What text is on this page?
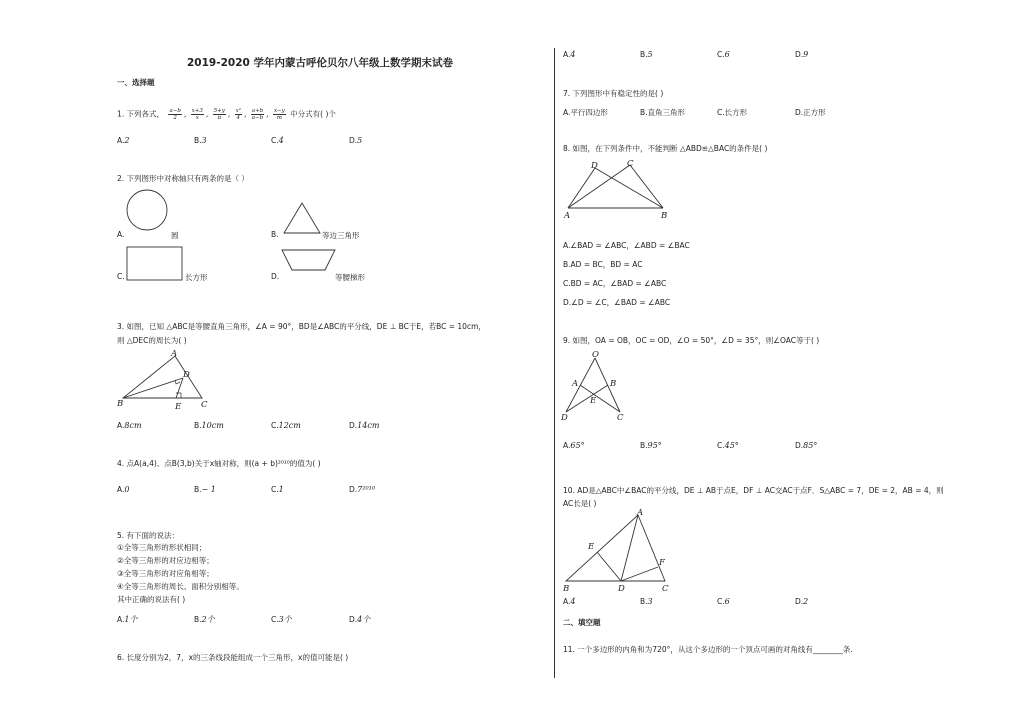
2019-2020 学年内蒙古呼伦贝尔八年级上数学期末试卷
一、选择题
1. 下列各式， $\frac{a-b}{2}$ , $\frac{x+3}{x}$ , $\frac{5+y}{\pi}$ , $\frac{\text{x²}}{4}$ , $\frac{a+b}{a-b}$ , $\frac{x-y}{m}$ 中分式有( )个
A.2	B.3	C.4	D.5
2. 下列图形中对称轴只有两条的是（ ）
A.	圆	B.	等边三角形
C.	长方形	D.	等腰梯形
3. 如图，已知 △ABC是等腰直角三角形，∠A = 90°，BD是∠ABC的平分线，DE ⊥ BC于E，若BC = 10cm，
则 △DEC的周长为( )
A
B	C
D
E
A.8cm	B.10cm	C.12cm	D.14cm
4. 点A(a,4)、点B(3,b)关于x轴对称，则(a + b)²⁰¹⁰的值为( )
A.0	B.− 1	C.1	D.7²⁰¹⁰
5. 有下面的说法：
①全等三角形的形状相同；
②全等三角形的对应边相等；
③全等三角形的对应角相等；
④全等三角形的周长、面积分别相等。
其中正确的说法有( )
A.1个	B.2个	C.3个	D.4个
6. 长度分别为2，7，x的三条线段能组成一个三角形，x的值可能是( )
A.4	B.5	C.6	D.9
7. 下列图形中有稳定性的是( )
A.平行四边形	B.直角三角形	C.长方形	D.正方形
8. 如图，在下列条件中，不能判断 △ABD≌△BAC的条件是( )
A	B
D	C
A.∠BAD = ∠ABC，∠ABD = ∠BAC
B.AD = BC，BD = AC
C.BD = AC，∠BAD = ∠ABC
D.∠D = ∠C，∠BAD = ∠ABC
9. 如图，OA = OB，OC = OD，∠O = 50°，∠D = 35°，则∠OAC等于( )
O
A	B
E
D	C
A.65°	B.95°	C.45°	D.85°
10. AD是△ABC中∠BAC的平分线，DE ⊥ AB于点E，DF ⊥ AC交AC于点F．S△ABC = 7，DE = 2，AB = 4，则
AC长是( )
A
E
F
B	D	C
A.4	B.3	C.6	D.2
二、填空题
11. 一个多边形的内角和为720°，从这个多边形的一个顶点可画的对角线有________条.
